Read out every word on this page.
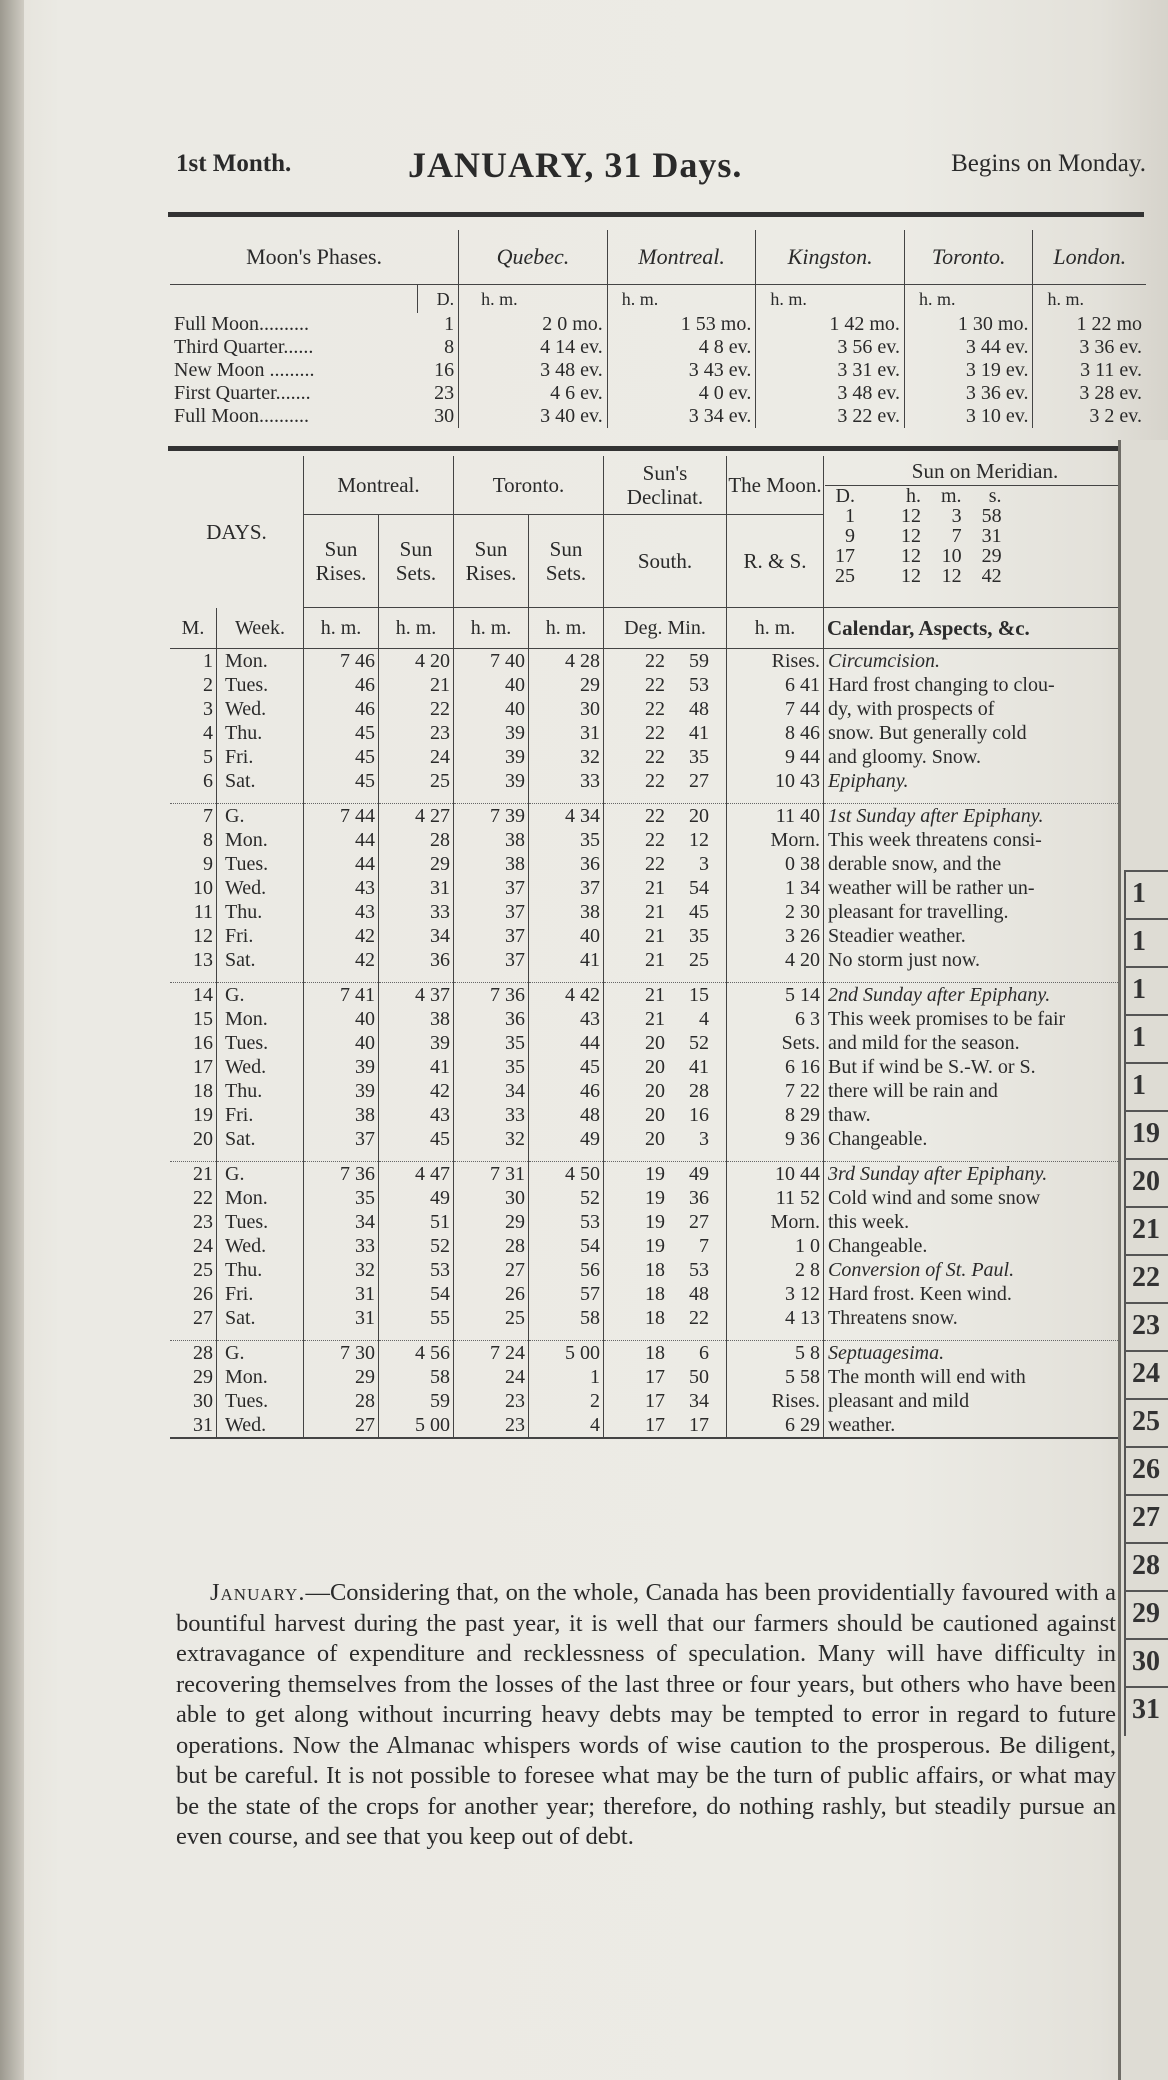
1st Month.	JANUARY, 31 Days.	Begins on Monday.
Moon's Phases.		Quebec.	Montreal.	Kingston.	Toronto.	London.
	D.	h. m.	h. m.	h. m.	h. m.	h. m.
Full Moon..........	1	2 0 mo.	1 53 mo.	1 42 mo.	1 30 mo.	1 22 mo
Third Quarter......	8	4 14 ev.	4 8 ev.	3 56 ev.	3 44 ev.	3 36 ev.
New Moon .........	16	3 48 ev.	3 43 ev.	3 31 ev.	3 19 ev.	3 11 ev.
First Quarter.......	23	4 6 ev.	4 0 ev.	3 48 ev.	3 36 ev.	3 28 ev.
Full Moon..........	30	3 40 ev.	3 34 ev.	3 22 ev.	3 10 ev.	3 2 ev.
DAYS.	Montreal.	Toronto.	Sun's Declinat.	The Moon.	
Sun on Meridian.
D.	h.	m.	s.
1	12	3	58
9	12	7	31
17	12	10	29
25	12	12	42

Sun Rises.	Sun Sets.	Sun Rises.	Sun Sets.	South.	R. & S.
M.	Week.	h. m.	h. m.	h. m.	h. m.	Deg. Min.	h. m.	Calendar, Aspects, &c.
1	Mon.	7 46	4 20	7 40	4 28	22 59	Rises.	Circumcision.
2	Tues.	46	21	40	29	22 53	6 41	Hard frost changing to clou-
3	Wed.	46	22	40	30	22 48	7 44	dy, with prospects of
4	Thu.	45	23	39	31	22 41	8 46	snow. But generally cold
5	Fri.	45	24	39	32	22 35	9 44	and gloomy. Snow.
6	Sat.	45	25	39	33	22 27	10 43	Epiphany.

7	G.	7 44	4 27	7 39	4 34	22 20	11 40	1st Sunday after Epiphany.
8	Mon.	44	28	38	35	22 12	Morn.	This week threatens consi-
9	Tues.	44	29	38	36	22 3	0 38	derable snow, and the
10	Wed.	43	31	37	37	21 54	1 34	weather will be rather un-
11	Thu.	43	33	37	38	21 45	2 30	pleasant for travelling.
12	Fri.	42	34	37	40	21 35	3 26	Steadier weather.
13	Sat.	42	36	37	41	21 25	4 20	No storm just now.

14	G.	7 41	4 37	7 36	4 42	21 15	5 14	2nd Sunday after Epiphany.
15	Mon.	40	38	36	43	21 4	6 3	This week promises to be fair
16	Tues.	40	39	35	44	20 52	Sets.	and mild for the season.
17	Wed.	39	41	35	45	20 41	6 16	But if wind be S.-W. or S.
18	Thu.	39	42	34	46	20 28	7 22	there will be rain and
19	Fri.	38	43	33	48	20 16	8 29	thaw.
20	Sat.	37	45	32	49	20 3	9 36	Changeable.

21	G.	7 36	4 47	7 31	4 50	19 49	10 44	3rd Sunday after Epiphany.
22	Mon.	35	49	30	52	19 36	11 52	Cold wind and some snow
23	Tues.	34	51	29	53	19 27	Morn.	this week.
24	Wed.	33	52	28	54	19 7	1 0	Changeable.
25	Thu.	32	53	27	56	18 53	2 8	Conversion of St. Paul.
26	Fri.	31	54	26	57	18 48	3 12	Hard frost. Keen wind.
27	Sat.	31	55	25	58	18 22	4 13	Threatens snow.

28	G.	7 30	4 56	7 24	5 00	18 6	5 8	Septuagesima.
29	Mon.	29	58	24	1	17 50	5 58	The month will end with
30	Tues.	28	59	23	2	17 34	Rises.	pleasant and mild
31	Wed.	27	5 00	23	4	17 17	6 29	weather.
January.—Considering that, on the whole, Canada has been providentially favoured with a bountiful harvest during the past year, it is well that our farmers should be cautioned against extravagance of expenditure and recklessness of speculation. Many will have difficulty in recovering themselves from the losses of the last three or four years, but others who have been able to get along without incurring heavy debts may be tempted to error in regard to future operations. Now the Almanac whispers words of wise caution to the prosperous. Be diligent, but be careful. It is not possible to foresee what may be the turn of public affairs, or what may be the state of the crops for another year; therefore, do nothing rashly, but steadily pursue an even course, and see that you keep out of debt.
1
1
1
1
1
19
20
21
22
23
24
25
26
27
28
29
30
31
